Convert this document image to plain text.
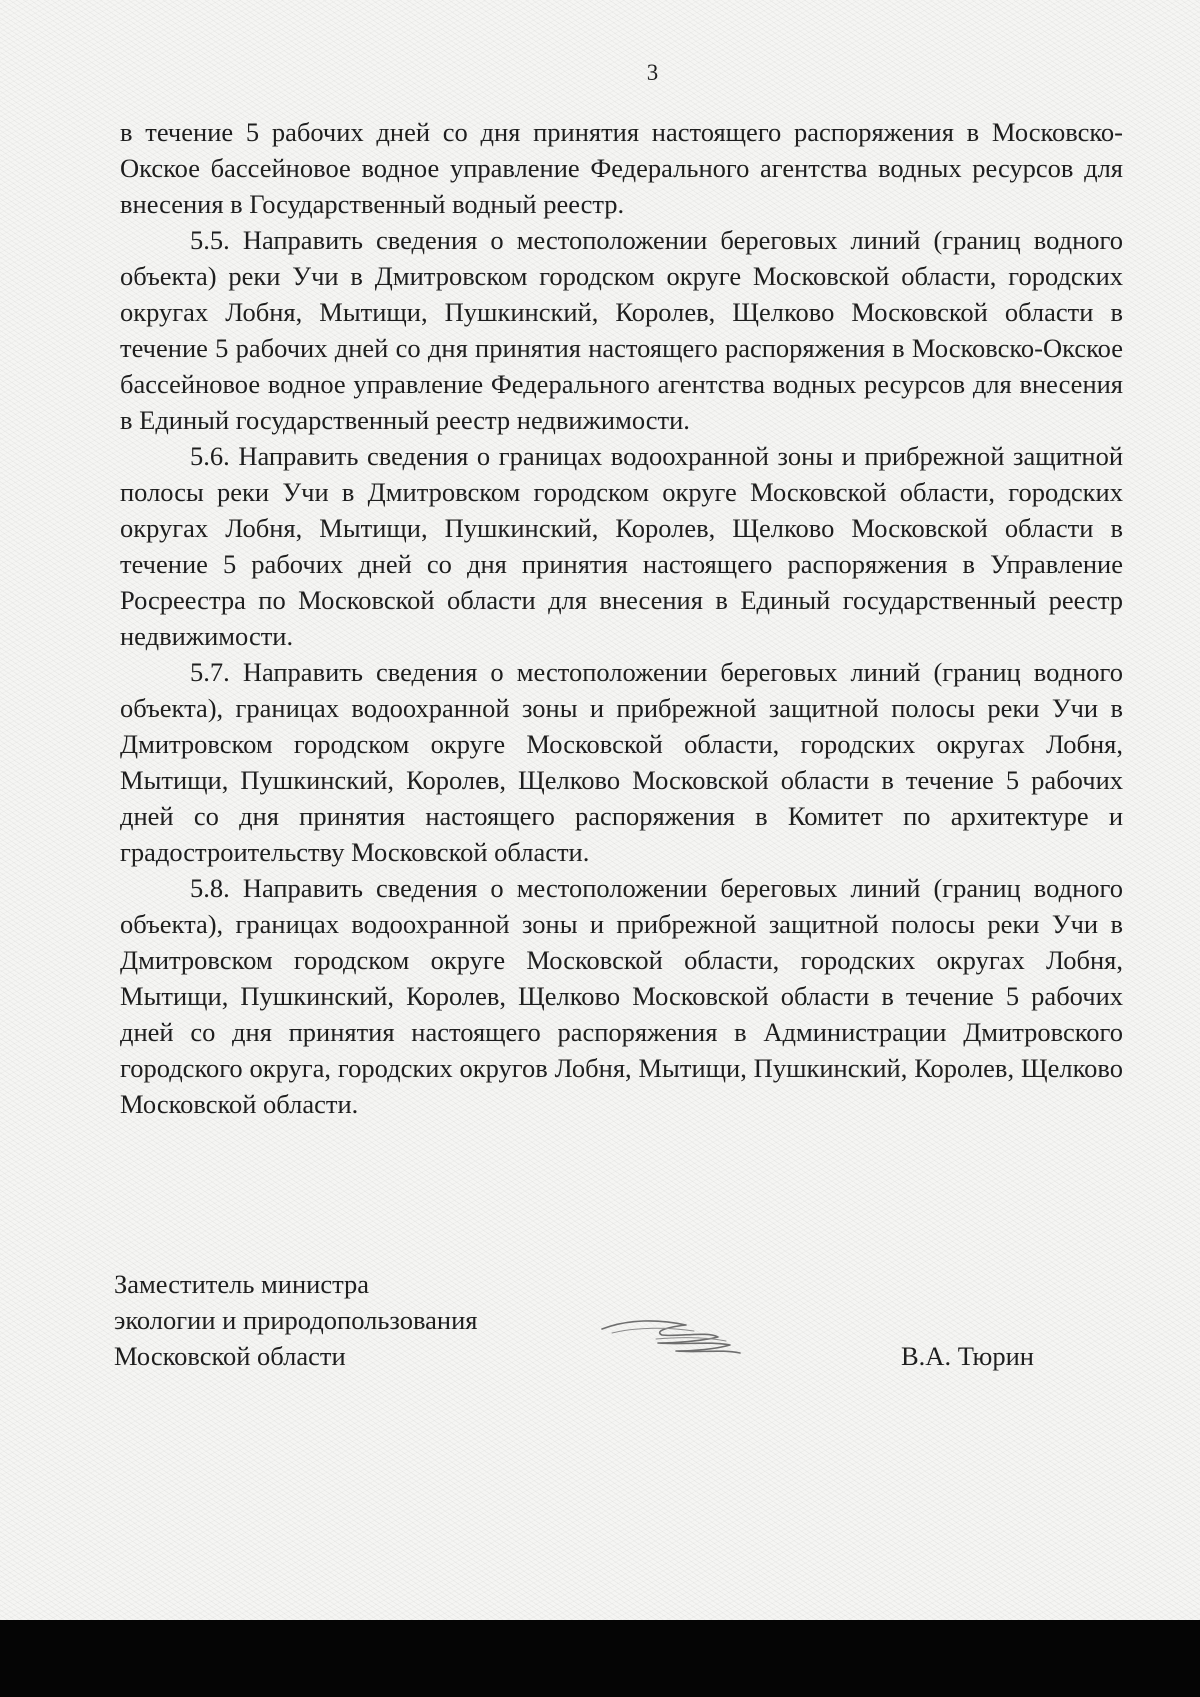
3

в течение 5 рабочих дней со дня принятия настоящего распоряжения в Московско-Окское бассейновое водное управление Федерального агентства водных ресурсов для внесения в Государственный водный реестр.

5.5. Направить сведения о местоположении береговых линий (границ водного объекта) реки Учи в Дмитровском городском округе Московской области, городских округах Лобня, Мытищи, Пушкинский, Королев, Щелково Московской области в течение 5 рабочих дней со дня принятия настоящего распоряжения в Московско-Окское бассейновое водное управление Федерального агентства водных ресурсов для внесения в Единый государственный реестр недвижимости.

5.6. Направить сведения о границах водоохранной зоны и прибрежной защитной полосы реки Учи в Дмитровском городском округе Московской области, городских округах Лобня, Мытищи, Пушкинский, Королев, Щелково Московской области в течение 5 рабочих дней со дня принятия настоящего распоряжения в Управление Росреестра по Московской области для внесения в Единый государственный реестр недвижимости.

5.7. Направить сведения о местоположении береговых линий (границ водного объекта), границах водоохранной зоны и прибрежной защитной полосы реки Учи в Дмитровском городском округе Московской области, городских округах Лобня, Мытищи, Пушкинский, Королев, Щелково Московской области в течение 5 рабочих дней со дня принятия настоящего распоряжения в Комитет по архитектуре и градостроительству Московской области.

5.8. Направить сведения о местоположении береговых линий (границ водного объекта), границах водоохранной зоны и прибрежной защитной полосы реки Учи в Дмитровском городском округе Московской области, городских округах Лобня, Мытищи, Пушкинский, Королев, Щелково Московской области в течение 5 рабочих дней со дня принятия настоящего распоряжения в Администрации Дмитровского городского округа, городских округов Лобня, Мытищи, Пушкинский, Королев, Щелково Московской области.

Заместитель министра
экологии и природопользования
Московской области	В.А. Тюрин
